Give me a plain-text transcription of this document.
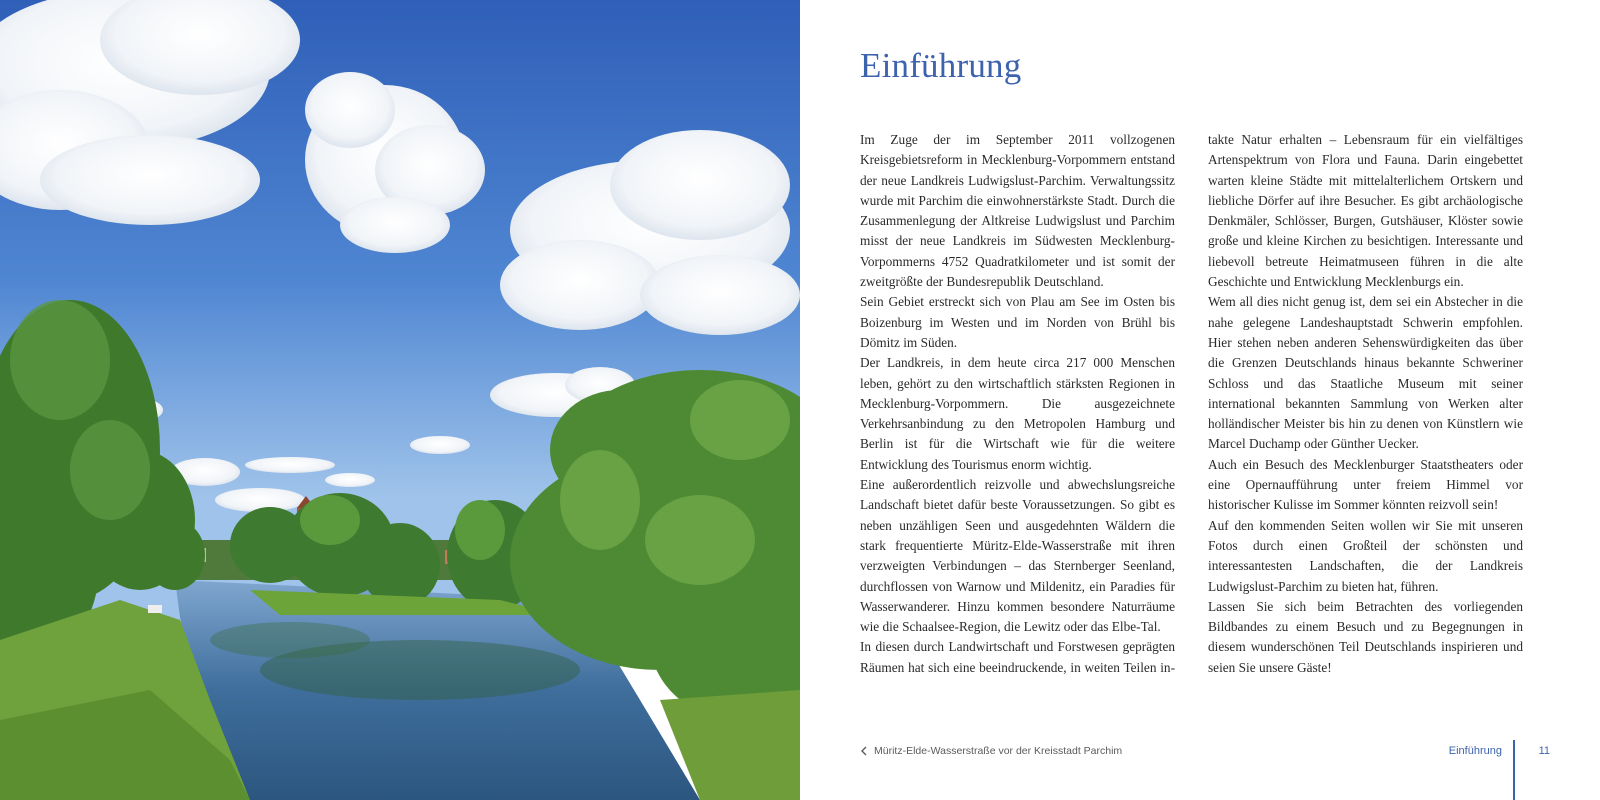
Einführung

Im Zuge der im September 2011 vollzogenen Kreisgebietsreform in Mecklenburg-Vorpommern entstand der neue Landkreis Ludwigslust-Parchim. Verwaltungssitz wurde mit Parchim die einwohnerstärkste Stadt. Durch die Zusammenlegung der Altkreise Ludwigslust und Parchim misst der neue Landkreis im Südwesten Mecklenburg-Vorpommerns 4752 Quadratkilometer und ist somit der zweitgrößte der Bundesrepublik Deutschland.

Sein Gebiet erstreckt sich von Plau am See im Osten bis Boizenburg im Westen und im Norden von Brühl bis Dömitz im Süden.

Der Landkreis, in dem heute circa 217 000 Menschen leben, gehört zu den wirtschaftlich stärksten Regionen in Mecklenburg-Vorpommern. Die ausgezeichnete Verkehrsanbindung zu den Metropolen Hamburg und Berlin ist für die Wirtschaft wie für die weitere Entwicklung des Tourismus enorm wichtig.

Eine außerordentlich reizvolle und abwechslungsreiche Landschaft bietet dafür beste Voraussetzungen. So gibt es neben unzähligen Seen und ausgedehnten Wäldern die stark frequentierte Müritz-Elde-Wasserstraße mit ihren verzweigten Verbindungen – das Sternberger Seenland, durchflossen von Warnow und Mildenitz, ein Paradies für Wasserwanderer. Hinzu kommen besondere Naturräume wie die Schaalsee-Region, die Lewitz oder das Elbe-Tal.

In diesen durch Landwirtschaft und Forstwesen geprägten Räumen hat sich eine beeindruckende, in weiten Teilen in-

takte Natur erhalten – Lebensraum für ein vielfältiges Artenspektrum von Flora und Fauna. Darin eingebettet warten kleine Städte mit mittelalterlichem Ortskern und liebliche Dörfer auf ihre Besucher. Es gibt archäologische Denkmäler, Schlösser, Burgen, Gutshäuser, Klöster sowie große und kleine Kirchen zu besichtigen. Interessante und liebevoll betreute Heimatmuseen führen in die alte Geschichte und Entwicklung Mecklenburgs ein.

Wem all dies nicht genug ist, dem sei ein Abstecher in die nahe gelegene Landeshauptstadt Schwerin empfohlen. Hier stehen neben anderen Sehenswürdigkeiten das über die Grenzen Deutschlands hinaus bekannte Schweriner Schloss und das Staatliche Museum mit seiner international bekannten Sammlung von Werken alter holländischer Meister bis hin zu denen von Künstlern wie Marcel Duchamp oder Günther Uecker.

Auch ein Besuch des Mecklenburger Staatstheaters oder eine Opernaufführung unter freiem Himmel vor historischer Kulisse im Sommer könnten reizvoll sein!

Auf den kommenden Seiten wollen wir Sie mit unseren Fotos durch einen Großteil der schönsten und interessantesten Landschaften, die der Landkreis Ludwigslust-Parchim zu bieten hat, führen.

Lassen Sie sich beim Betrachten des vorliegenden Bildbandes zu einem Besuch und zu Begegnungen in diesem wunderschönen Teil Deutschlands inspirieren und seien Sie unsere Gäste!

Müritz-Elde-Wasserstraße vor der Kreisstadt Parchim	Einführung	11
